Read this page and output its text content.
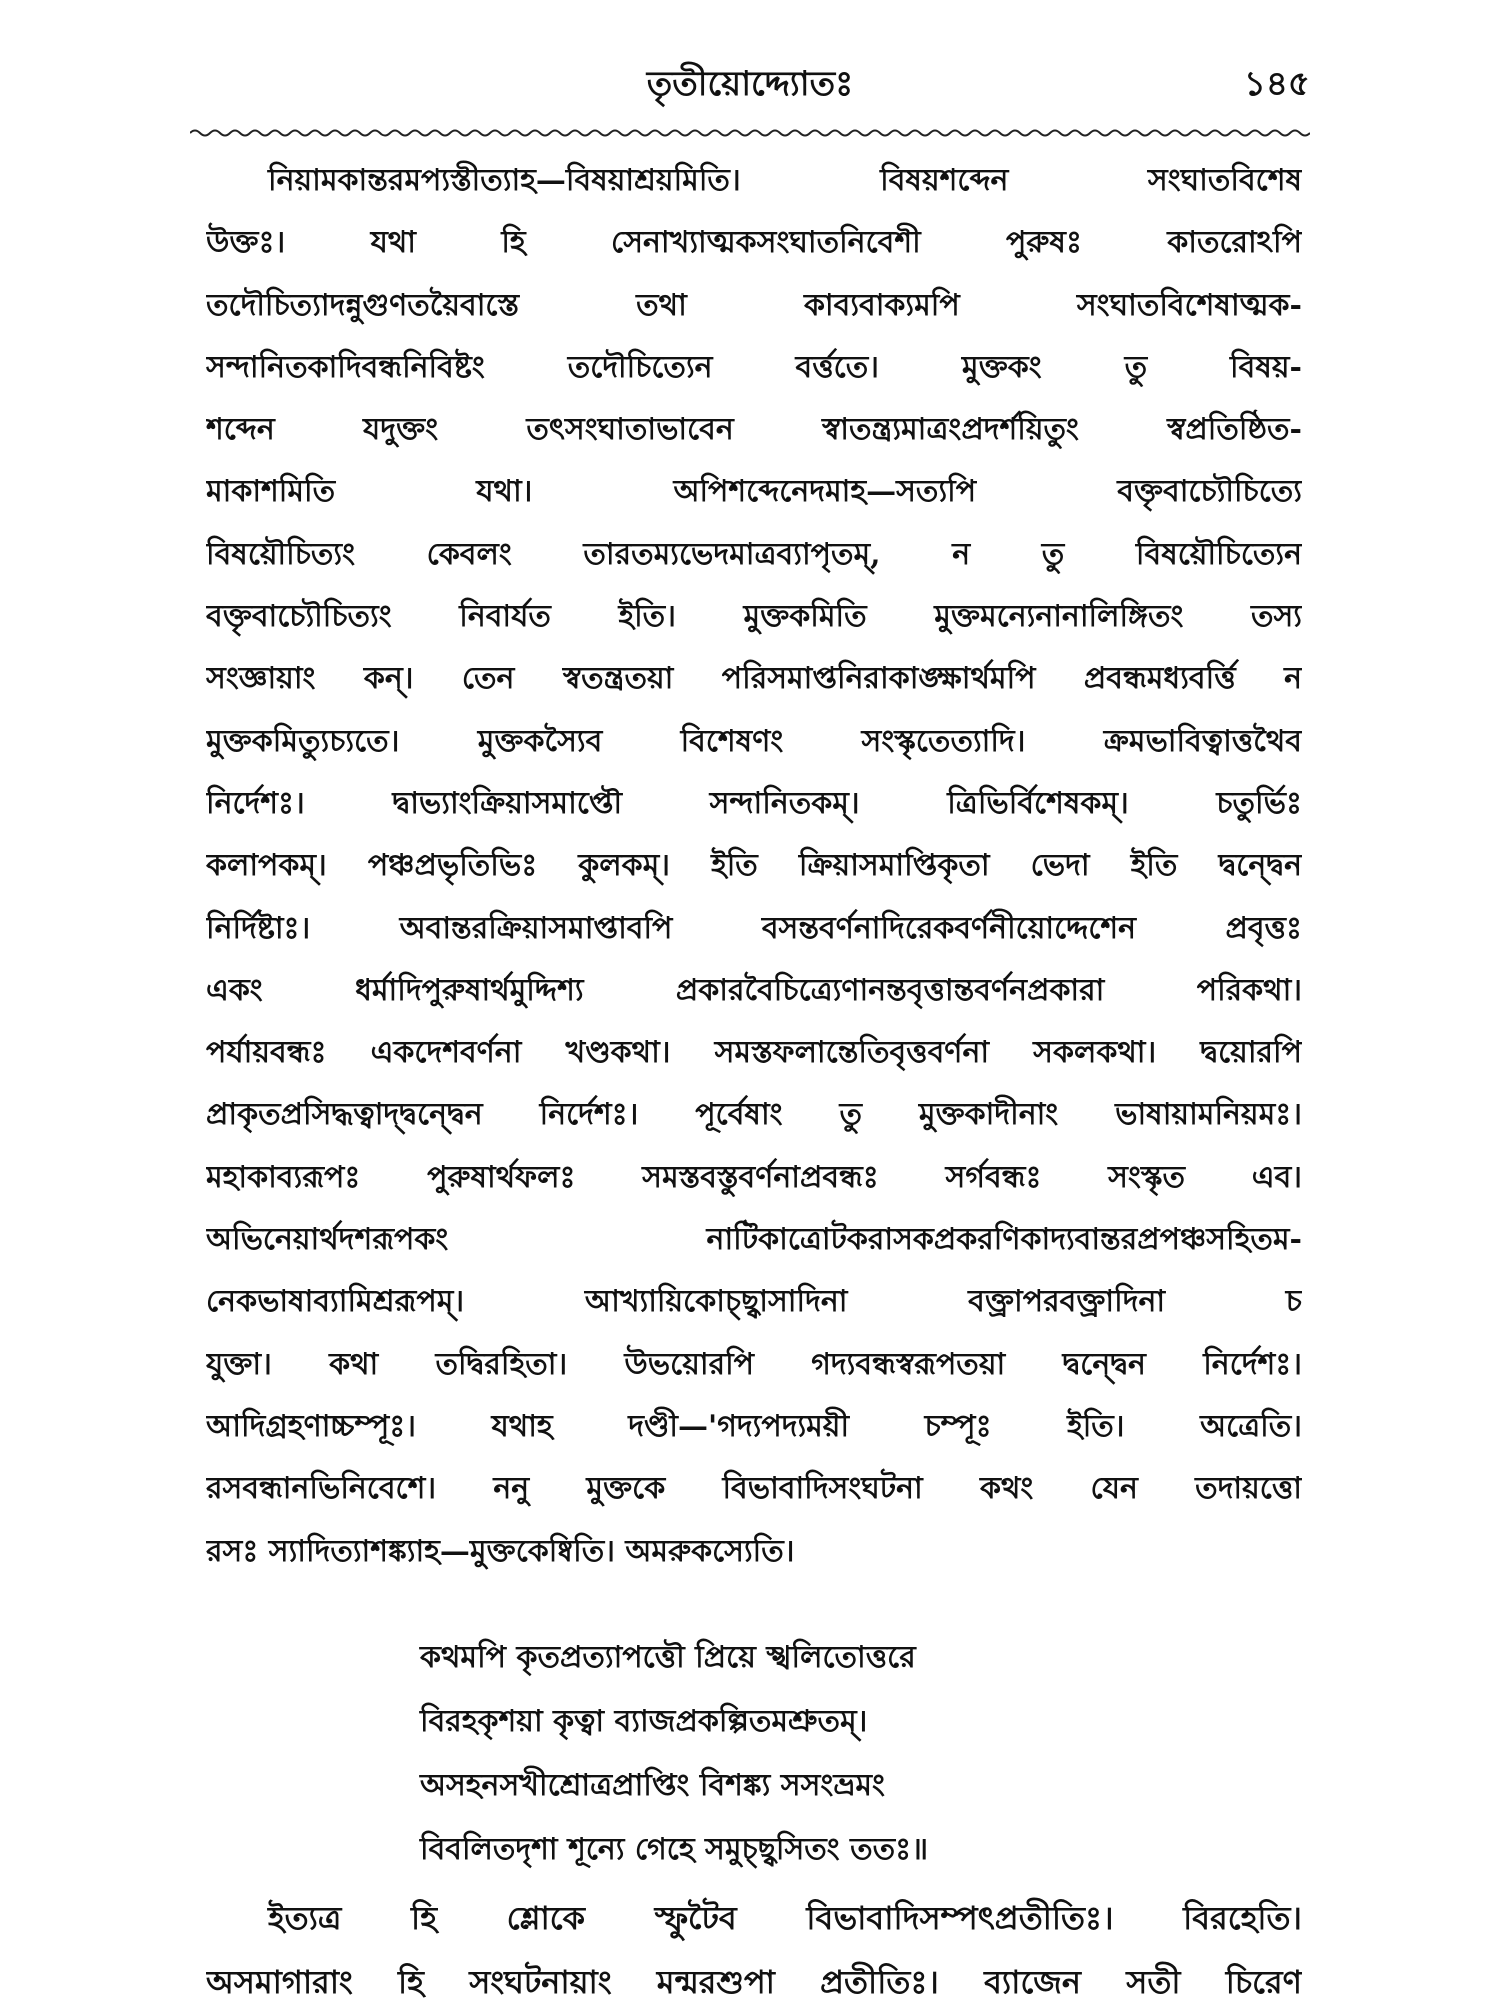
তৃতীয়োদ্দ্যোতঃ	১৪৫
নিয়ামকান্তরমপ্যস্তীত্যাহ—বিষয়াশ্রয়মিতি। বিষয়শব্দেন সংঘাতবিশেষ
উক্তঃ। যথা হি সেনাখ্যাত্মকসংঘাতনিবেশী পুরুষঃ কাতরোঽপি
তদৌচিত্যাদন্নুগুণতয়ৈবাস্তে তথা কাব্যবাক্যমপি সংঘাতবিশেষাত্মক-
সন্দানিতকাদিবন্ধনিবিষ্টং তদৌচিত্যেন বর্ত্ততে। মুক্তকং তু বিষয়-
শব্দেন যদুক্তং তৎসংঘাতাভাবেন স্বাতন্ত্র্যমাত্রংপ্রদর্শয়িতুং স্বপ্রতিষ্ঠিত-
মাকাশমিতি যথা। অপিশব্দেনেদমাহ—সত্যপি বক্তৃবাচ্যৌচিত্যে
বিষয়ৌচিত্যং কেবলং তারতম্যভেদমাত্রব্যাপৃতম্, ন তু বিষয়ৌচিত্যেন
বক্তৃবাচ্যৌচিত্যং নিবার্যত ইতি। মুক্তকমিতি মুক্তমন্যেনানালিঙ্গিতং তস্য
সংজ্ঞায়াং কন্। তেন স্বতন্ত্রতয়া পরিসমাপ্তনিরাকাঙ্ক্ষার্থমপি প্রবন্ধমধ্যবর্ত্তি ন
মুক্তকমিত্যুচ্যতে। মুক্তকস্যৈব বিশেষণং সংস্কৃতেত্যাদি। ক্রমভাবিত্বাত্তথৈব
নির্দেশঃ। দ্বাভ্যাংক্রিয়াসমাপ্তৌ সন্দানিতকম্। ত্রিভির্বিশেষকম্। চতুর্ভিঃ
কলাপকম্। পঞ্চপ্রভৃতিভিঃ কুলকম্। ইতি ক্রিয়াসমাপ্তিকৃতা ভেদা ইতি দ্বন্দ্বেন
নির্দিষ্টাঃ। অবান্তরক্রিয়াসমাপ্তাবপি বসন্তবর্ণনাদিরেকবর্ণনীয়োদ্দেশেন প্রবৃত্তঃ
একং ধর্মাদিপুরুষার্থমুদ্দিশ্য প্রকারবৈচিত্র্যেণানন্তবৃত্তান্তবর্ণনপ্রকারা পরিকথা।
পর্যায়বন্ধঃ একদেশবর্ণনা খণ্ডকথা। সমস্তফলান্তেতিবৃত্তবর্ণনা সকলকথা। দ্বয়োরপি
প্রাকৃতপ্রসিদ্ধত্বাদ্দ্বন্দ্বেন নির্দেশঃ। পূর্বেষাং তু মুক্তকাদীনাং ভাষায়ামনিয়মঃ।
মহাকাব্যরূপঃ পুরুষার্থফলঃ সমস্তবস্তুবর্ণনাপ্রবন্ধঃ সর্গবন্ধঃ সংস্কৃত এব।
অভিনেয়ার্থদশরূপকং নাটিকাত্রোটকরাসকপ্রকরণিকাদ্যবান্তরপ্রপঞ্চসহিতম-
নেকভাষাব্যামিশ্ররূপম্। আখ্যায়িকোচ্ছ্বাসাদিনা বক্ত্রাপরবক্ত্রাদিনা চ
যুক্তা। কথা তদ্বিরহিতা। উভয়োরপি গদ্যবন্ধস্বরূপতয়া দ্বন্দ্বেন নির্দেশঃ।
আদিগ্রহণাচ্চম্পূঃ। যথাহ দণ্ডী—'গদ্যপদ্যময়ী চম্পূঃ ইতি। অত্রেতি।
রসবন্ধানভিনিবেশে। ননু মুক্তকে বিভাবাদিসংঘটনা কথং যেন তদায়ত্তো
রসঃ স্যাদিত্যাশঙ্ক্যাহ—মুক্তকেষ্বিতি। অমরুকস্যেতি।
কথমপি কৃতপ্রত্যাপত্তৌ প্রিয়ে স্খলিতোত্তরে
বিরহকৃশয়া কৃত্বা ব্যাজপ্রকল্পিতমশ্রুতম্।
অসহনসখীশ্রোত্রপ্রাপ্তিং বিশঙ্ক্য সসংভ্রমং
বিবলিতদৃশা শূন্যে গেহে সমুচ্ছ্বসিতং ততঃ॥
ইত্যত্র হি শ্লোকে স্ফুটৈব বিভাবাদিসম্পৎপ্রতীতিঃ। বিরহেতি।
অসমাগারাং হি সংঘটনায়াং মন্মরশুপা প্রতীতিঃ। ব্যাজেন সতী চিরেণ
